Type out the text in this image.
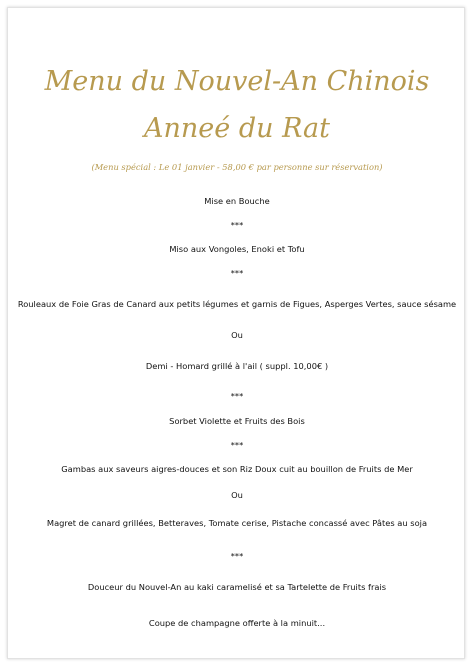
Menu du Nouvel-An Chinois
Anneé du Rat
(Menu spécial : Le 01 janvier - 58,00 € par personne sur réservation)
Mise en Bouche
***
Miso aux Vongoles, Enoki et Tofu
***
Rouleaux de Foie Gras de Canard aux petits légumes et garnis de Figues, Asperges Vertes, sauce sésame
Ou
Demi - Homard grillé à l'ail ( suppl. 10,00€ )
***
Sorbet Violette et Fruits des Bois
***
Gambas aux saveurs aigres-douces et son Riz Doux cuit au bouillon de Fruits de Mer
Ou
Magret de canard grillées, Betteraves, Tomate cerise, Pistache concassé avec Pâtes au soja
***
Douceur du Nouvel-An au kaki caramelisé et sa Tartelette de Fruits frais
Coupe de champagne offerte à la minuit...
